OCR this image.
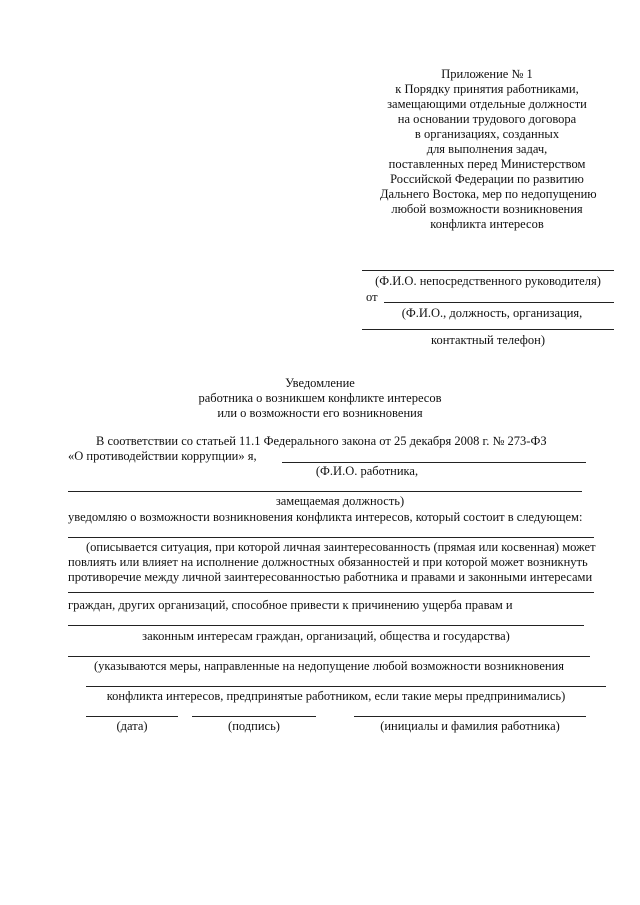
Приложение № 1
к Порядку принятия работниками,
замещающими отдельные должности
на основании трудового договора
в организациях, созданных
для выполнения задач,
поставленных перед Министерством
Российской Федерации по развитию
Дальнего Востока, мер по недопущению
любой возможности возникновения
конфликта интересов
(Ф.И.О. непосредственного руководителя)
от
(Ф.И.О., должность, организация,
контактный телефон)
Уведомление
работника о возникшем конфликте интересов
или о возможности его возникновения
В соответствии со статьей 11.1 Федерального закона от 25 декабря 2008 г. № 273-ФЗ
«О противодействии коррупции» я,
(Ф.И.О. работника,
замещаемая должность)
уведомляю о возможности возникновения конфликта интересов, который состоит в следующем:
(описывается ситуация, при которой личная заинтересованность (прямая или косвенная) может
повлиять или влияет на исполнение должностных обязанностей и при которой может возникнуть
противоречие между личной заинтересованностью работника и правами и законными интересами
граждан, других организаций, способное привести к причинению ущерба правам и
законным интересам граждан, организаций, общества и государства)
(указываются меры, направленные на недопущение любой возможности возникновения
конфликта интересов, предпринятые работником, если такие меры предпринимались)
(дата)	(подпись)	(инициалы и фамилия работника)
